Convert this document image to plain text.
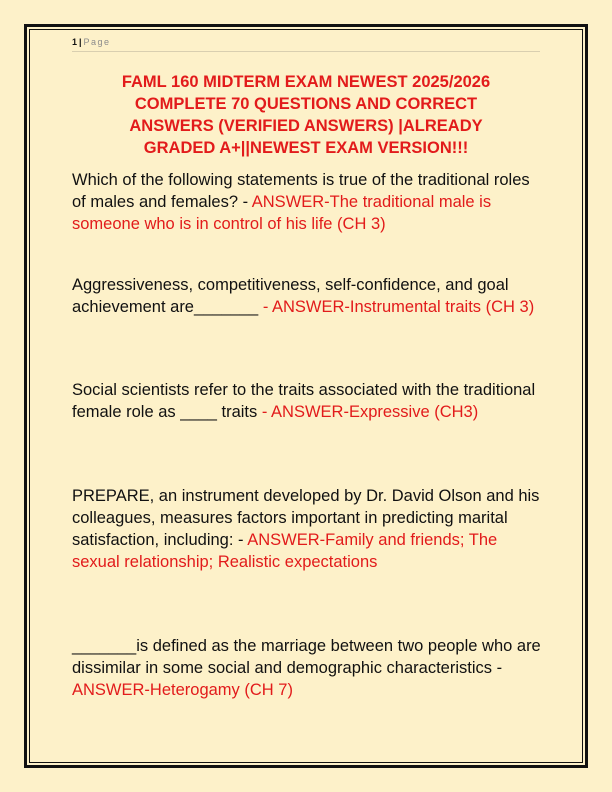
1 | Page
FAML 160 MIDTERM EXAM NEWEST 2025/2026
COMPLETE 70 QUESTIONS AND CORRECT
ANSWERS (VERIFIED ANSWERS) |ALREADY
GRADED A+||NEWEST EXAM VERSION!!!

Which of the following statements is true of the traditional roles of males and females? - ANSWER-The traditional male is someone who is in control of his life (CH 3)

Aggressiveness, competitiveness, self-confidence, and goal achievement are_______ - ANSWER-Instrumental traits (CH 3)

Social scientists refer to the traits associated with the traditional female role as ____ traits - ANSWER-Expressive (CH3)

PREPARE, an instrument developed by Dr. David Olson and his colleagues, measures factors important in predicting marital satisfaction, including: - ANSWER-Family and friends; The sexual relationship; Realistic expectations

_______is defined as the marriage between two people who are dissimilar in some social and demographic characteristics - ANSWER-Heterogamy (CH 7)
